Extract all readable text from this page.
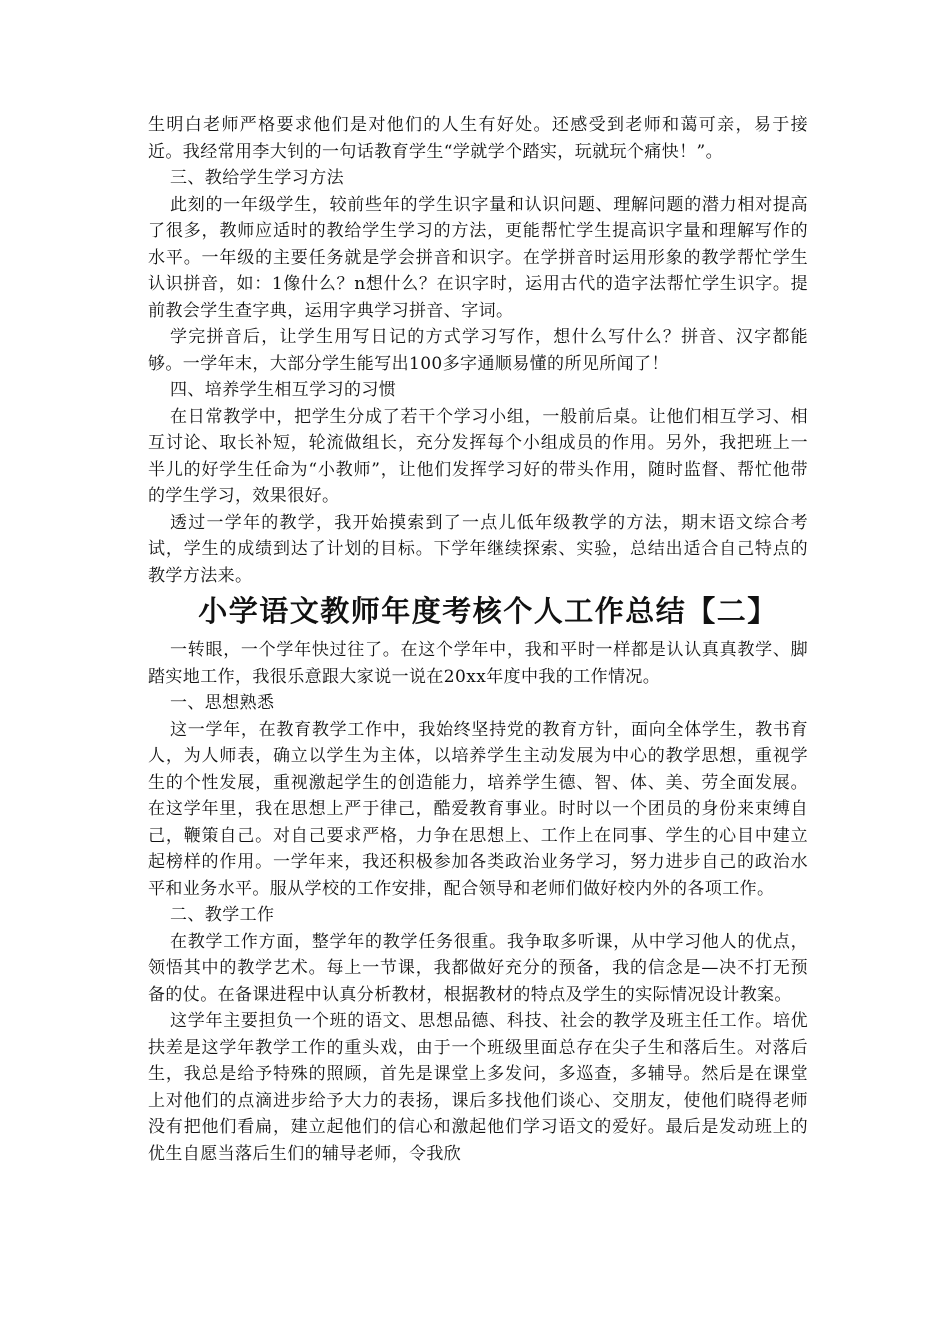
生明白老师严格要求他们是对他们的人生有好处。还感受到老师和蔼可亲，易于接近。我经常用李大钊的一句话教育学生“学就学个踏实，玩就玩个痛快！”。

三、教给学生学习方法

此刻的一年级学生，较前些年的学生识字量和认识问题、理解问题的潜力相对提高了很多，教师应适时的教给学生学习的方法，更能帮忙学生提高识字量和理解写作的水平。一年级的主要任务就是学会拼音和识字。在学拼音时运用形象的教学帮忙学生认识拼音，如：1像什么？n想什么？在识字时，运用古代的造字法帮忙学生识字。提前教会学生查字典，运用字典学习拼音、字词。

学完拼音后，让学生用写日记的方式学习写作，想什么写什么？拼音、汉字都能够。一学年末，大部分学生能写出100多字通顺易懂的所见所闻了！

四、培养学生相互学习的习惯

在日常教学中，把学生分成了若干个学习小组，一般前后桌。让他们相互学习、相互讨论、取长补短，轮流做组长，充分发挥每个小组成员的作用。另外，我把班上一半儿的好学生任命为“小教师”，让他们发挥学习好的带头作用，随时监督、帮忙他带的学生学习，效果很好。

透过一学年的教学，我开始摸索到了一点儿低年级教学的方法，期末语文综合考试，学生的成绩到达了计划的目标。下学年继续探索、实验，总结出适合自己特点的教学方法来。

小学语文教师年度考核个人工作总结【二】

一转眼，一个学年快过往了。在这个学年中，我和平时一样都是认认真真教学、脚踏实地工作，我很乐意跟大家说一说在20xx年度中我的工作情况。

一、思想熟悉

这一学年，在教育教学工作中，我始终坚持党的教育方针，面向全体学生，教书育人，为人师表，确立以学生为主体，以培养学生主动发展为中心的教学思想，重视学生的个性发展，重视激起学生的创造能力，培养学生德、智、体、美、劳全面发展。在这学年里，我在思想上严于律己，酷爱教育事业。时时以一个团员的身份来束缚自己，鞭策自己。对自己要求严格，力争在思想上、工作上在同事、学生的心目中建立起榜样的作用。一学年来，我还积极参加各类政治业务学习，努力进步自己的政治水平和业务水平。服从学校的工作安排，配合领导和老师们做好校内外的各项工作。

二、教学工作

在教学工作方面，整学年的教学任务很重。我争取多听课，从中学习他人的优点，领悟其中的教学艺术。每上一节课，我都做好充分的预备，我的信念是—决不打无预备的仗。在备课进程中认真分析教材，根据教材的特点及学生的实际情况设计教案。

这学年主要担负一个班的语文、思想品德、科技、社会的教学及班主任工作。培优扶差是这学年教学工作的重头戏，由于一个班级里面总存在尖子生和落后生。对落后生，我总是给予特殊的照顾，首先是课堂上多发问，多巡查，多辅导。然后是在课堂上对他们的点滴进步给予大力的表扬，课后多找他们谈心、交朋友，使他们晓得老师没有把他们看扁，建立起他们的信心和激起他们学习语文的爱好。最后是发动班上的优生自愿当落后生们的辅导老师，令我欣
